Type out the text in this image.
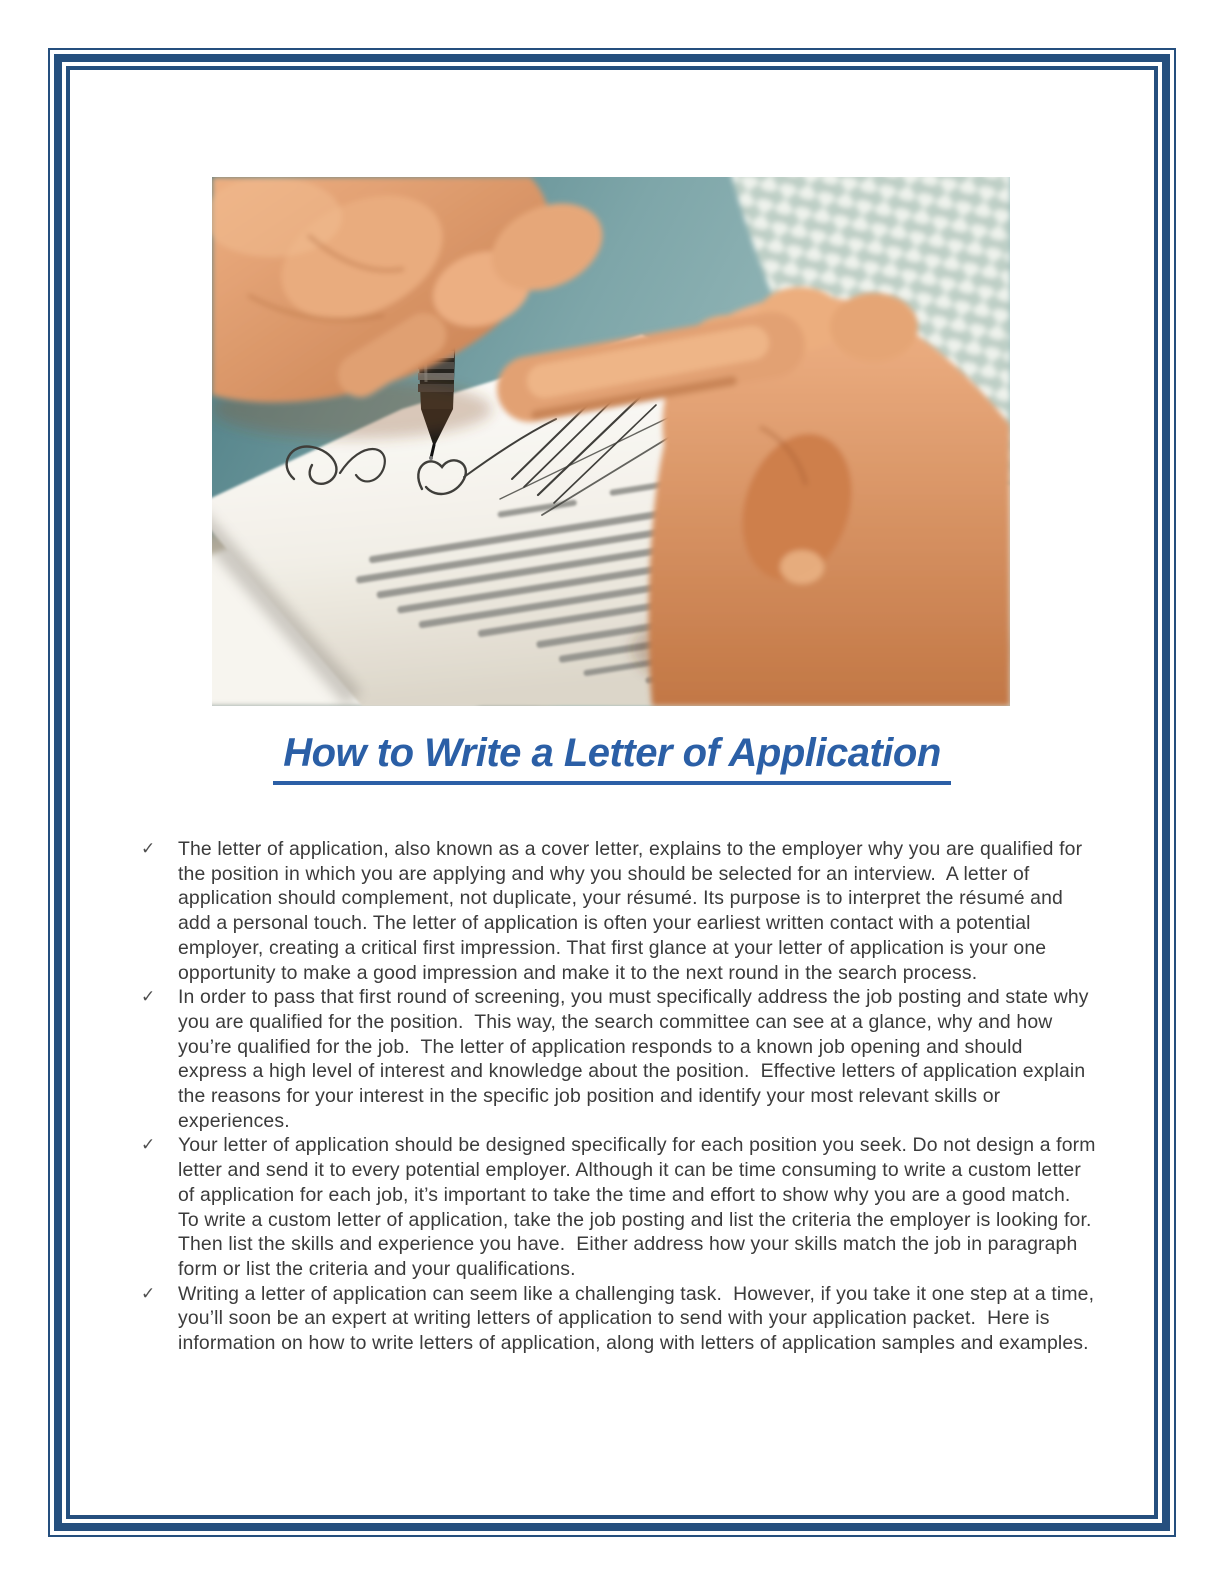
How to Write a Letter of Application
✓	The letter of application, also known as a cover letter, explains to the employer why you are qualified for the position in which you are applying and why you should be selected for an interview.  A letter of application should complement, not duplicate, your résumé. Its purpose is to interpret the résumé and add a personal touch. The letter of application is often your earliest written contact with a potential employer, creating a critical first impression. That first glance at your letter of application is your one opportunity to make a good impression and make it to the next round in the search process.
✓	In order to pass that first round of screening, you must specifically address the job posting and state why you are qualified for the position.  This way, the search committee can see at a glance, why and how you’re qualified for the job.  The letter of application responds to a known job opening and should express a high level of interest and knowledge about the position.  Effective letters of application explain the reasons for your interest in the specific job position and identify your most relevant skills or experiences.
✓	Your letter of application should be designed specifically for each position you seek. Do not design a form letter and send it to every potential employer. Although it can be time consuming to write a custom letter of application for each job, it’s important to take the time and effort to show why you are a good match.  To write a custom letter of application, take the job posting and list the criteria the employer is looking for.  Then list the skills and experience you have.  Either address how your skills match the job in paragraph form or list the criteria and your qualifications.
✓	Writing a letter of application can seem like a challenging task.  However, if you take it one step at a time, you’ll soon be an expert at writing letters of application to send with your application packet.  Here is information on how to write letters of application, along with letters of application samples and examples.
